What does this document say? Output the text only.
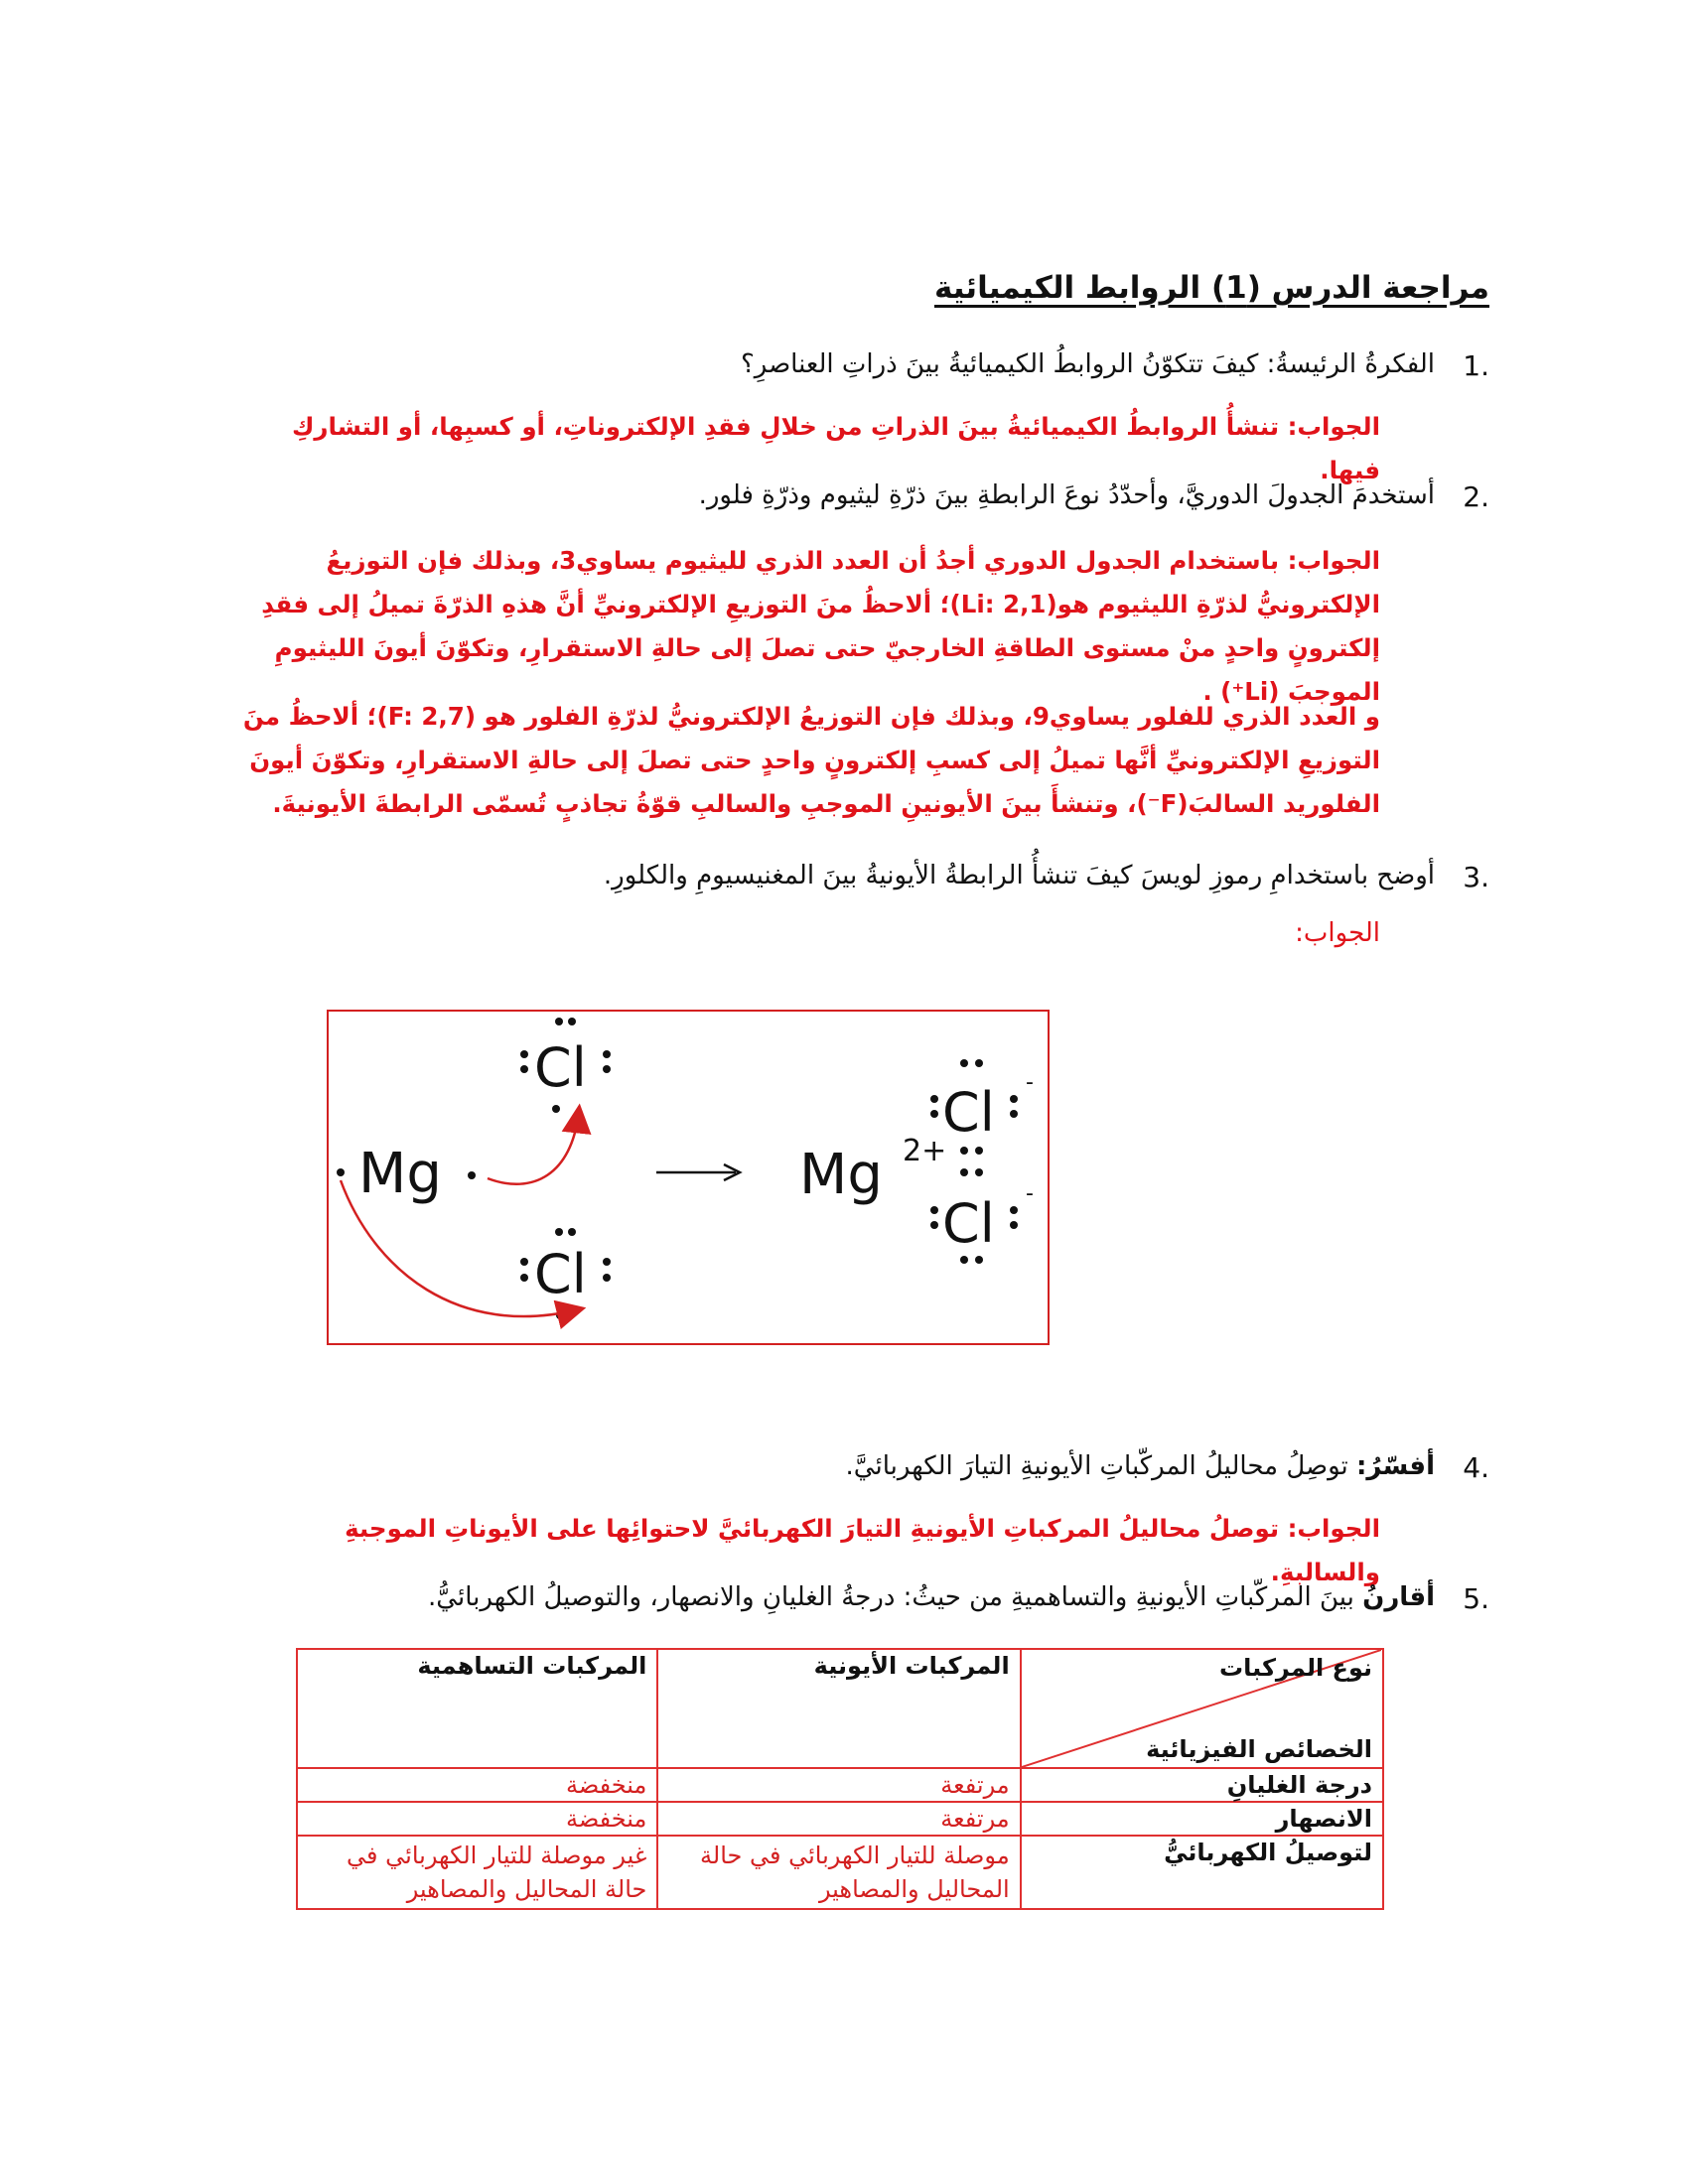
مراجعة الدرس (1) الروابط الكيميائية
1.
الفكرةُ الرئيسةُ: كيفَ تتكوّنُ الروابطُ الكيميائيةُ بينَ ذراتِ العناصرِ؟
الجواب: تنشأُ الروابطُ الكيميائيةُ بينَ الذراتِ من خلالِ فقدِ الإلكتروناتِ، أو كسبِها، أو التشاركِ فيها.
2.
أستخدمَ الجدولَ الدوريَّ، وأحدّدُ نوعَ الرابطةِ بينَ ذرّةِ ليثيوم وذرّةِ فلور.
الجواب: باستخدام الجدول الدوري أجدُ أن العدد الذري لليثيوم يساوي3، وبذلك فإن التوزيعُ الإلكترونيُّ لذرّةِ الليثيوم هو(Li: 2,1)؛ ألاحظُ منَ التوزيعِ الإلكترونيِّ أنَّ هذهِ الذرّةَ تميلُ إلى فقدِ إلكترونٍ واحدٍ منْ مستوى الطاقةِ الخارجيّ حتى تصلَ إلى حالةِ الاستقرارِ، وتكوّنَ أيونَ الليثيومِ الموجبَ (Li⁺) .
و العدد الذري للفلور يساوي9، وبذلك فإن التوزيعُ الإلكترونيُّ لذرّةِ الفلور هو (F: 2,7)؛ ألاحظُ منَ التوزيعِ الإلكترونيِّ أنَّها تميلُ إلى كسبِ إلكترونٍ واحدٍ حتى تصلَ إلى حالةِ الاستقرارِ، وتكوّنَ أيونَ الفلوريد السالبَ(F⁻)، وتنشأَ بينَ الأيونينِ الموجبِ والسالبِ قوّةُ تجاذبٍ تُسمّى الرابطةَ الأيونيةَ.
3.
أوضح باستخدامِ رموزِ لويسَ كيفَ تنشأُ الرابطةُ الأيونيةُ بينَ المغنيسيومِ والكلورِ.
الجواب:
Mg
Cl
Cl
Mg 2+
Cl -
Cl -
4.
أفسّرُ: توصِلُ محاليلُ المركّباتِ الأيونيةِ التيارَ الكهربائيَّ.
الجواب: توصلُ محاليلُ المركباتِ الأيونيةِ التيارَ الكهربائيَّ لاحتوائِها على الأيوناتِ الموجبةِ والسالبةِ.
5.
أقارنُ بينَ المركّباتِ الأيونيةِ والتساهميةِ من حيثُ: درجةُ الغليانِ والانصهار، والتوصيلُ الكهربائيُّ.
نوع المركبات
الخصائص الفيزيائية	المركبات الأيونية	المركبات التساهمية
درجة الغليانِ	مرتفعة	منخفضة
الانصهار	مرتفعة	منخفضة
لتوصيلُ الكهربائيُّ	موصلة للتيار الكهربائي في حالة المحاليل والمصاهير	غير موصلة للتيار الكهربائي في حالة المحاليل والمصاهير
